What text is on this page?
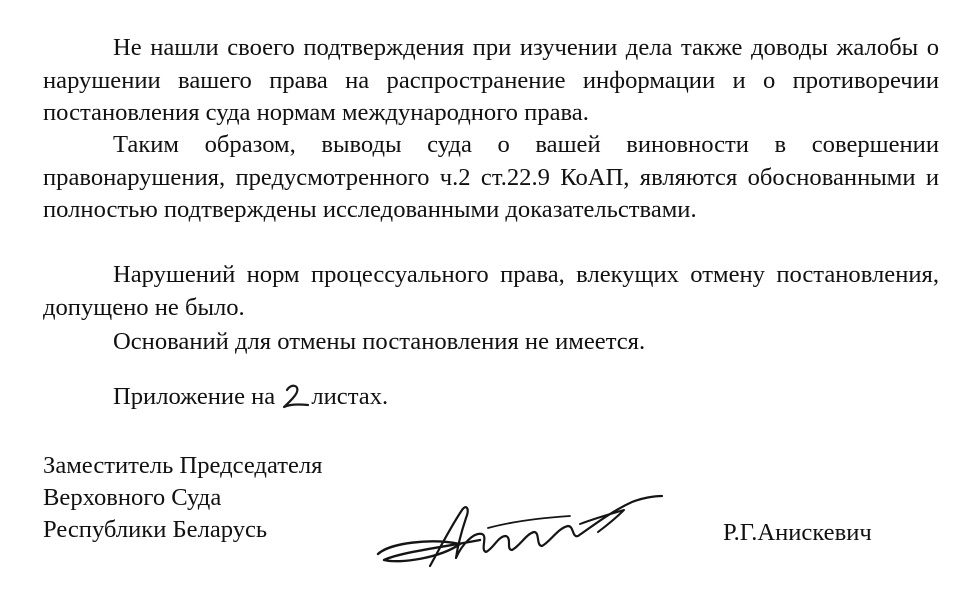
Не нашли своего подтверждения при изучении дела также доводы жалобы о нарушении вашего права на распространение информации и о противоречии постановления суда нормам международного права.

Таким образом, выводы суда о вашей виновности в совершении правонарушения, предусмотренного ч.2 ст.22.9 КоАП, являются обоснованными и полностью подтверждены исследованными доказательствами.

Нарушений норм процессуального права, влекущих отмену постановления, допущено не было.

Оснований для отмены постановления не имеется.

Приложение на листах.
Заместитель Председателя
Верховного Суда
Республики Беларусь	Р.Г.Анискевич
